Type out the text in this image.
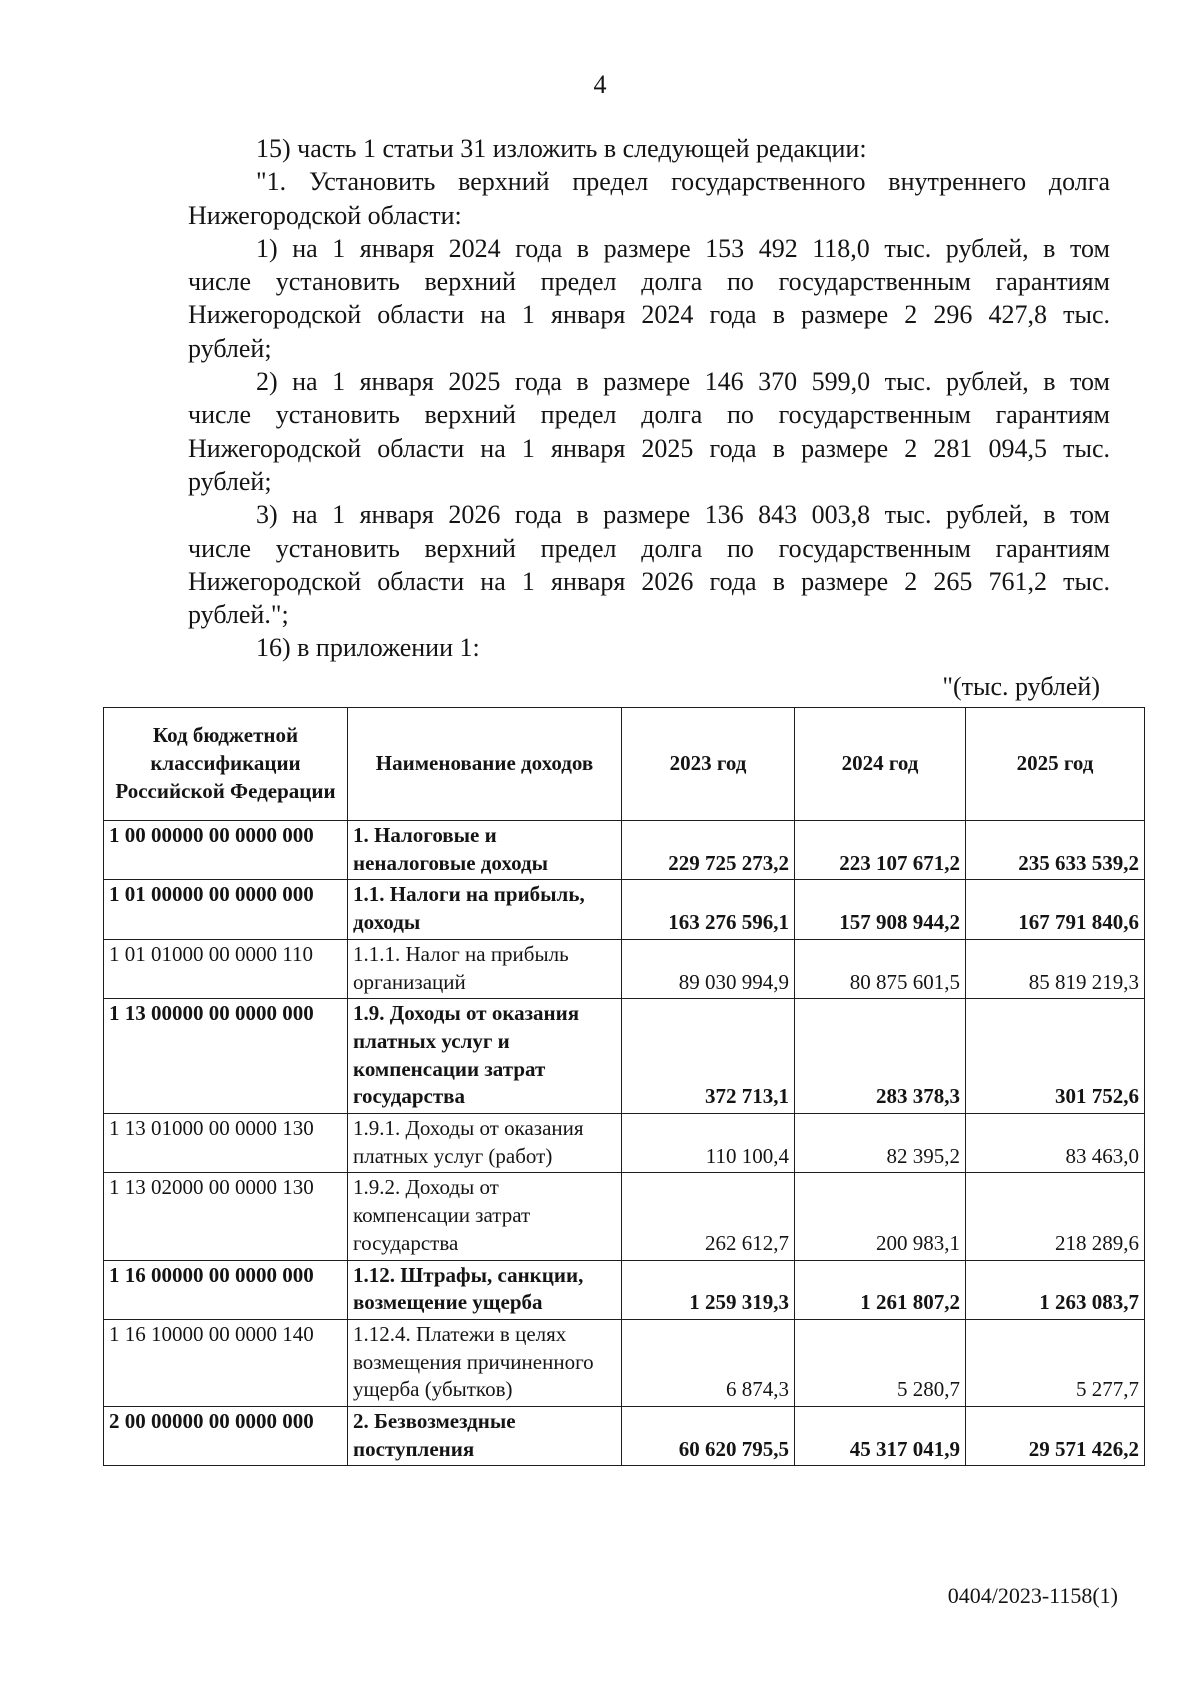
4

15) часть 1 статьи 31 изложить в следующей редакции:

"1. Установить верхний предел государственного внутреннего долга

Нижегородской области:

1) на 1 января 2024 года в размере 153 492 118,0 тыс. рублей, в том

числе установить верхний предел долга по государственным гарантиям

Нижегородской области на 1 января 2024 года в размере 2 296 427,8 тыс.

рублей;

2) на 1 января 2025 года в размере 146 370 599,0 тыс. рублей, в том

числе установить верхний предел долга по государственным гарантиям

Нижегородской области на 1 января 2025 года в размере 2 281 094,5 тыс.

рублей;

3) на 1 января 2026 года в размере 136 843 003,8 тыс. рублей, в том

числе установить верхний предел долга по государственным гарантиям

Нижегородской области на 1 января 2026 года в размере 2 265 761,2 тыс.

рублей.";

16) в приложении 1:

"(тыс. рублей)
Код бюджетной классификации Российской Федерации	Наименование доходов	2023 год	2024 год	2025 год
1 00 00000 00 0000 000	1. Налоговые и неналоговые доходы	229 725 273,2	223 107 671,2	235 633 539,2
1 01 00000 00 0000 000	1.1. Налоги на прибыль, доходы	163 276 596,1	157 908 944,2	167 791 840,6
1 01 01000 00 0000 110	1.1.1. Налог на прибыль организаций	89 030 994,9	80 875 601,5	85 819 219,3
1 13 00000 00 0000 000	1.9. Доходы от оказания платных услуг и компенсации затрат государства	372 713,1	283 378,3	301 752,6
1 13 01000 00 0000 130	1.9.1. Доходы от оказания платных услуг (работ)	110 100,4	82 395,2	83 463,0
1 13 02000 00 0000 130	1.9.2. Доходы от компенсации затрат государства	262 612,7	200 983,1	218 289,6
1 16 00000 00 0000 000	1.12. Штрафы, санкции, возмещение ущерба	1 259 319,3	1 261 807,2	1 263 083,7
1 16 10000 00 0000 140	1.12.4. Платежи в целях возмещения причиненного ущерба (убытков)	6 874,3	5 280,7	5 277,7
2 00 00000 00 0000 000	2. Безвозмездные поступления	60 620 795,5	45 317 041,9	29 571 426,2
0404/2023-1158(1)
